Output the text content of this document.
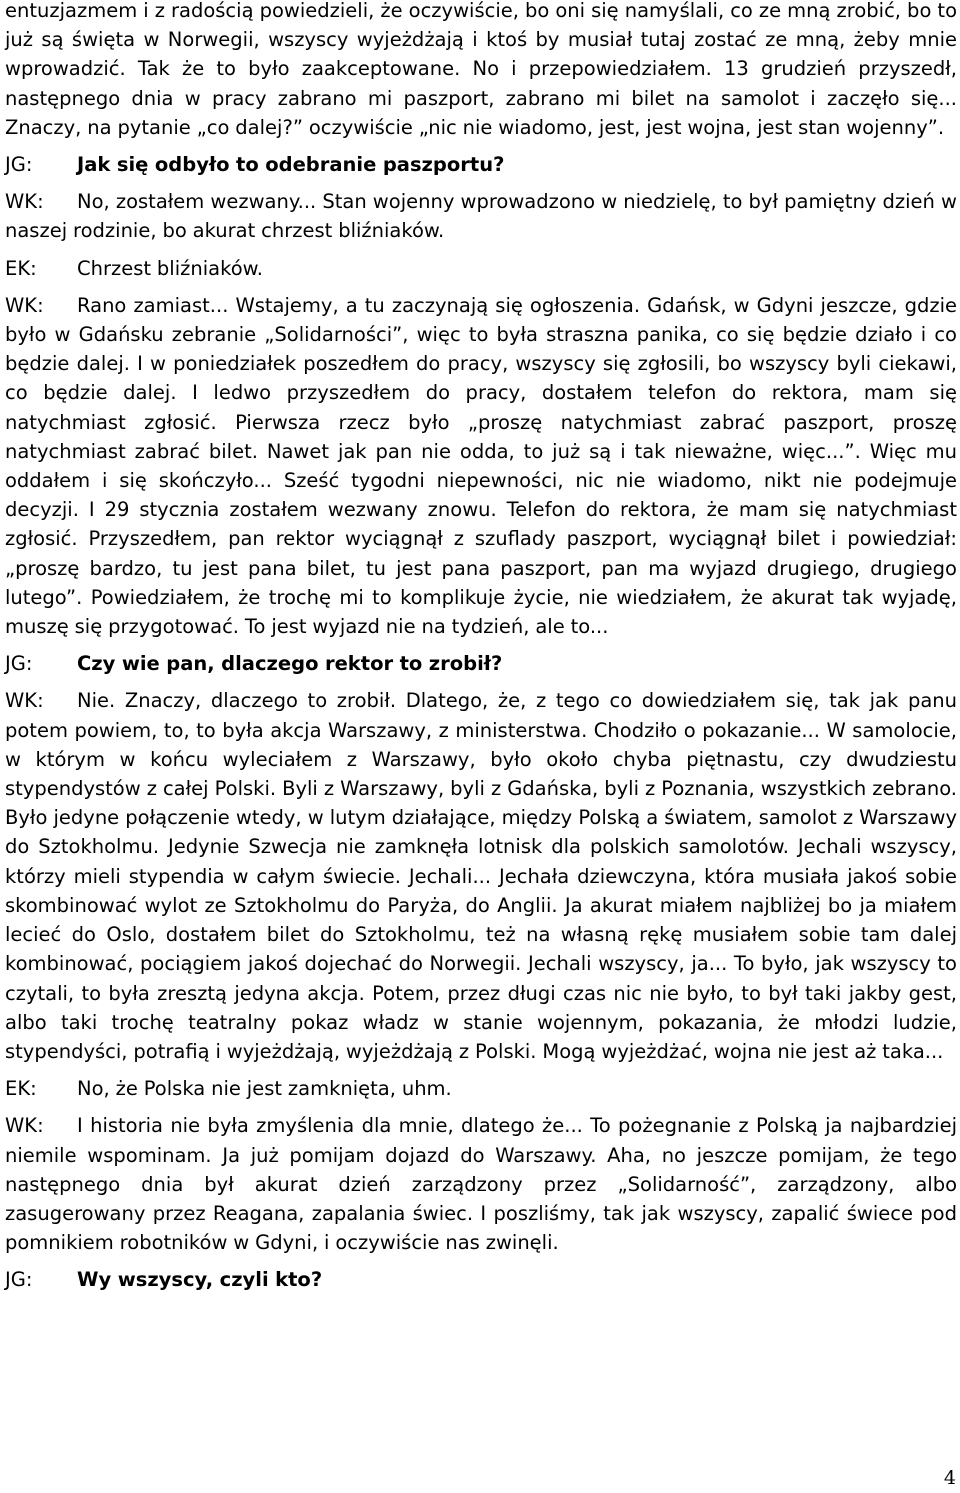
entuzjazmem i z radością powiedzieli, że oczywiście, bo oni się namyślali, co ze mną zrobić, bo to już są święta w Norwegii, wszyscy wyjeżdżają i ktoś by musiał tutaj zostać ze mną, żeby mnie wprowadzić. Tak że to było zaakceptowane. No i przepowiedziałem. 13 grudzień przyszedł, następnego dnia w pracy zabrano mi paszport, zabrano mi bilet na samolot i zaczęło się... Znaczy, na pytanie „co dalej?” oczywiście „nic nie wiadomo, jest, jest wojna, jest stan wojenny”.

JG: Jak się odbyło to odebranie paszportu?

WK: No, zostałem wezwany... Stan wojenny wprowadzono w niedzielę, to był pamiętny dzień w naszej rodzinie, bo akurat chrzest bliźniaków.

EK: Chrzest bliźniaków.

WK: Rano zamiast... Wstajemy, a tu zaczynają się ogłoszenia. Gdańsk, w Gdyni jeszcze, gdzie było w Gdańsku zebranie „Solidarności”, więc to była straszna panika, co się będzie działo i co będzie dalej. I w poniedziałek poszedłem do pracy, wszyscy się zgłosili, bo wszyscy byli ciekawi, co będzie dalej. I ledwo przyszedłem do pracy, dostałem telefon do rektora, mam się natychmiast zgłosić. Pierwsza rzecz było „proszę natychmiast zabrać paszport, proszę natychmiast zabrać bilet. Nawet jak pan nie odda, to już są i tak nieważne, więc...”. Więc mu oddałem i się skończyło... Sześć tygodni niepewności, nic nie wiadomo, nikt nie podejmuje decyzji. I 29 stycznia zostałem wezwany znowu. Telefon do rektora, że mam się natychmiast zgłosić. Przyszedłem, pan rektor wyciągnął z szuflady paszport, wyciągnął bilet i powiedział: „proszę bardzo, tu jest pana bilet, tu jest pana paszport, pan ma wyjazd drugiego, drugiego lutego”. Powiedziałem, że trochę mi to komplikuje życie, nie wiedziałem, że akurat tak wyjadę, muszę się przygotować. To jest wyjazd nie na tydzień, ale to...

JG: Czy wie pan, dlaczego rektor to zrobił?

WK: Nie. Znaczy, dlaczego to zrobił. Dlatego, że, z tego co dowiedziałem się, tak jak panu potem powiem, to, to była akcja Warszawy, z ministerstwa. Chodziło o pokazanie... W samolocie, w którym w końcu wyleciałem z Warszawy, było około chyba piętnastu, czy dwudziestu stypendystów z całej Polski. Byli z Warszawy, byli z Gdańska, byli z Poznania, wszystkich zebrano. Było jedyne połączenie wtedy, w lutym działające, między Polską a światem, samolot z Warszawy do Sztokholmu. Jedynie Szwecja nie zamknęła lotnisk dla polskich samolotów. Jechali wszyscy, którzy mieli stypendia w całym świecie. Jechali... Jechała dziewczyna, która musiała jakoś sobie skombinować wylot ze Sztokholmu do Paryża, do Anglii. Ja akurat miałem najbliżej bo ja miałem lecieć do Oslo, dostałem bilet do Sztokholmu, też na własną rękę musiałem sobie tam dalej kombinować, pociągiem jakoś dojechać do Norwegii. Jechali wszyscy, ja... To było, jak wszyscy to czytali, to była zresztą jedyna akcja. Potem, przez długi czas nic nie było, to był taki jakby gest, albo taki trochę teatralny pokaz władz w stanie wojennym, pokazania, że młodzi ludzie, stypendyści, potrafią i wyjeżdżają, wyjeżdżają z Polski. Mogą wyjeżdżać, wojna nie jest aż taka...

EK: No, że Polska nie jest zamknięta, uhm.

WK: I historia nie była zmyślenia dla mnie, dlatego że... To pożegnanie z Polską ja najbardziej niemile wspominam. Ja już pomijam dojazd do Warszawy. Aha, no jeszcze pomijam, że tego następnego dnia był akurat dzień zarządzony przez „Solidarność”, zarządzony, albo zasugerowany przez Reagana, zapalania świec. I poszliśmy, tak jak wszyscy, zapalić świece pod pomnikiem robotników w Gdyni, i oczywiście nas zwinęli.

JG: Wy wszyscy, czyli kto?

4
